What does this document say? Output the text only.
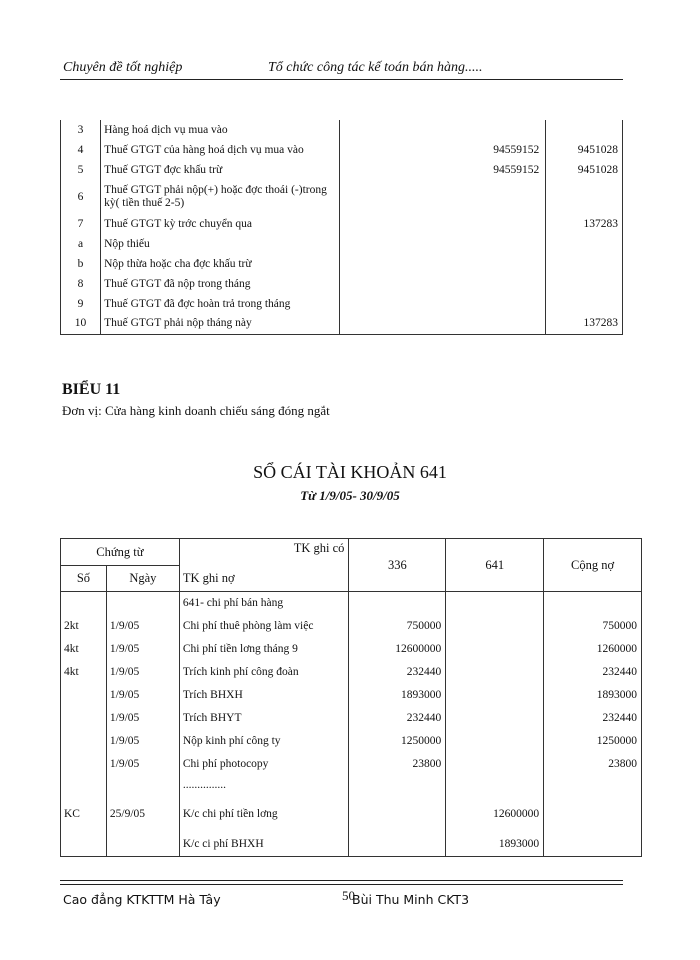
Chuyên đề tốt nghiệp	Tổ chức công tác kế toán bán hàng.....
3	Hàng hoá dịch vụ mua vào		
4	Thuế GTGT của hàng hoá dịch vụ mua vào	94559152	9451028
5	Thuế GTGT đợc khấu trừ	94559152	9451028
6	Thuế GTGT phải nộp(+) hoặc đợc thoái (-)trong kỳ( tiền thuế 2-5)		
7	Thuế GTGT kỳ trớc chuyển qua		137283
a	Nộp thiếu		
b	Nộp thừa hoặc cha đợc khấu trừ		
8	Thuế GTGT đã nộp trong tháng		
9	Thuế GTGT đã đợc hoàn trả trong tháng		
10	Thuế GTGT phải nộp tháng này		137283
BIỂU 11
Đơn vị: Cửa hàng kinh doanh chiếu sáng đóng ngắt
SỔ CÁI TÀI KHOẢN 641
Từ 1/9/05- 30/9/05
Chứng từ		TK ghi có	336	641	Cộng nợ
Số	Ngày	TK ghi nợ			
		641- chi phí bán hàng			
2kt	1/9/05	Chi phí thuê phòng làm việc	750000		750000
4kt	1/9/05	Chi phí tiền lơng tháng 9	12600000		1260000
4kt	1/9/05	Trích kinh phí công đoàn	232440		232440
	1/9/05	Trích BHXH	1893000		1893000
	1/9/05	Trích BHYT	232440		232440
	1/9/05	Nộp kinh phí công ty	1250000		1250000
	1/9/05	Chi phí photocopy	23800		23800
		...............			
KC	25/9/05	K/c chi phí tiền lơng		12600000	
		K/c ci phí BHXH		1893000	
Cao đẳng KTKTTM Hà Tây	50
Bùi Thu Minh CKT3
